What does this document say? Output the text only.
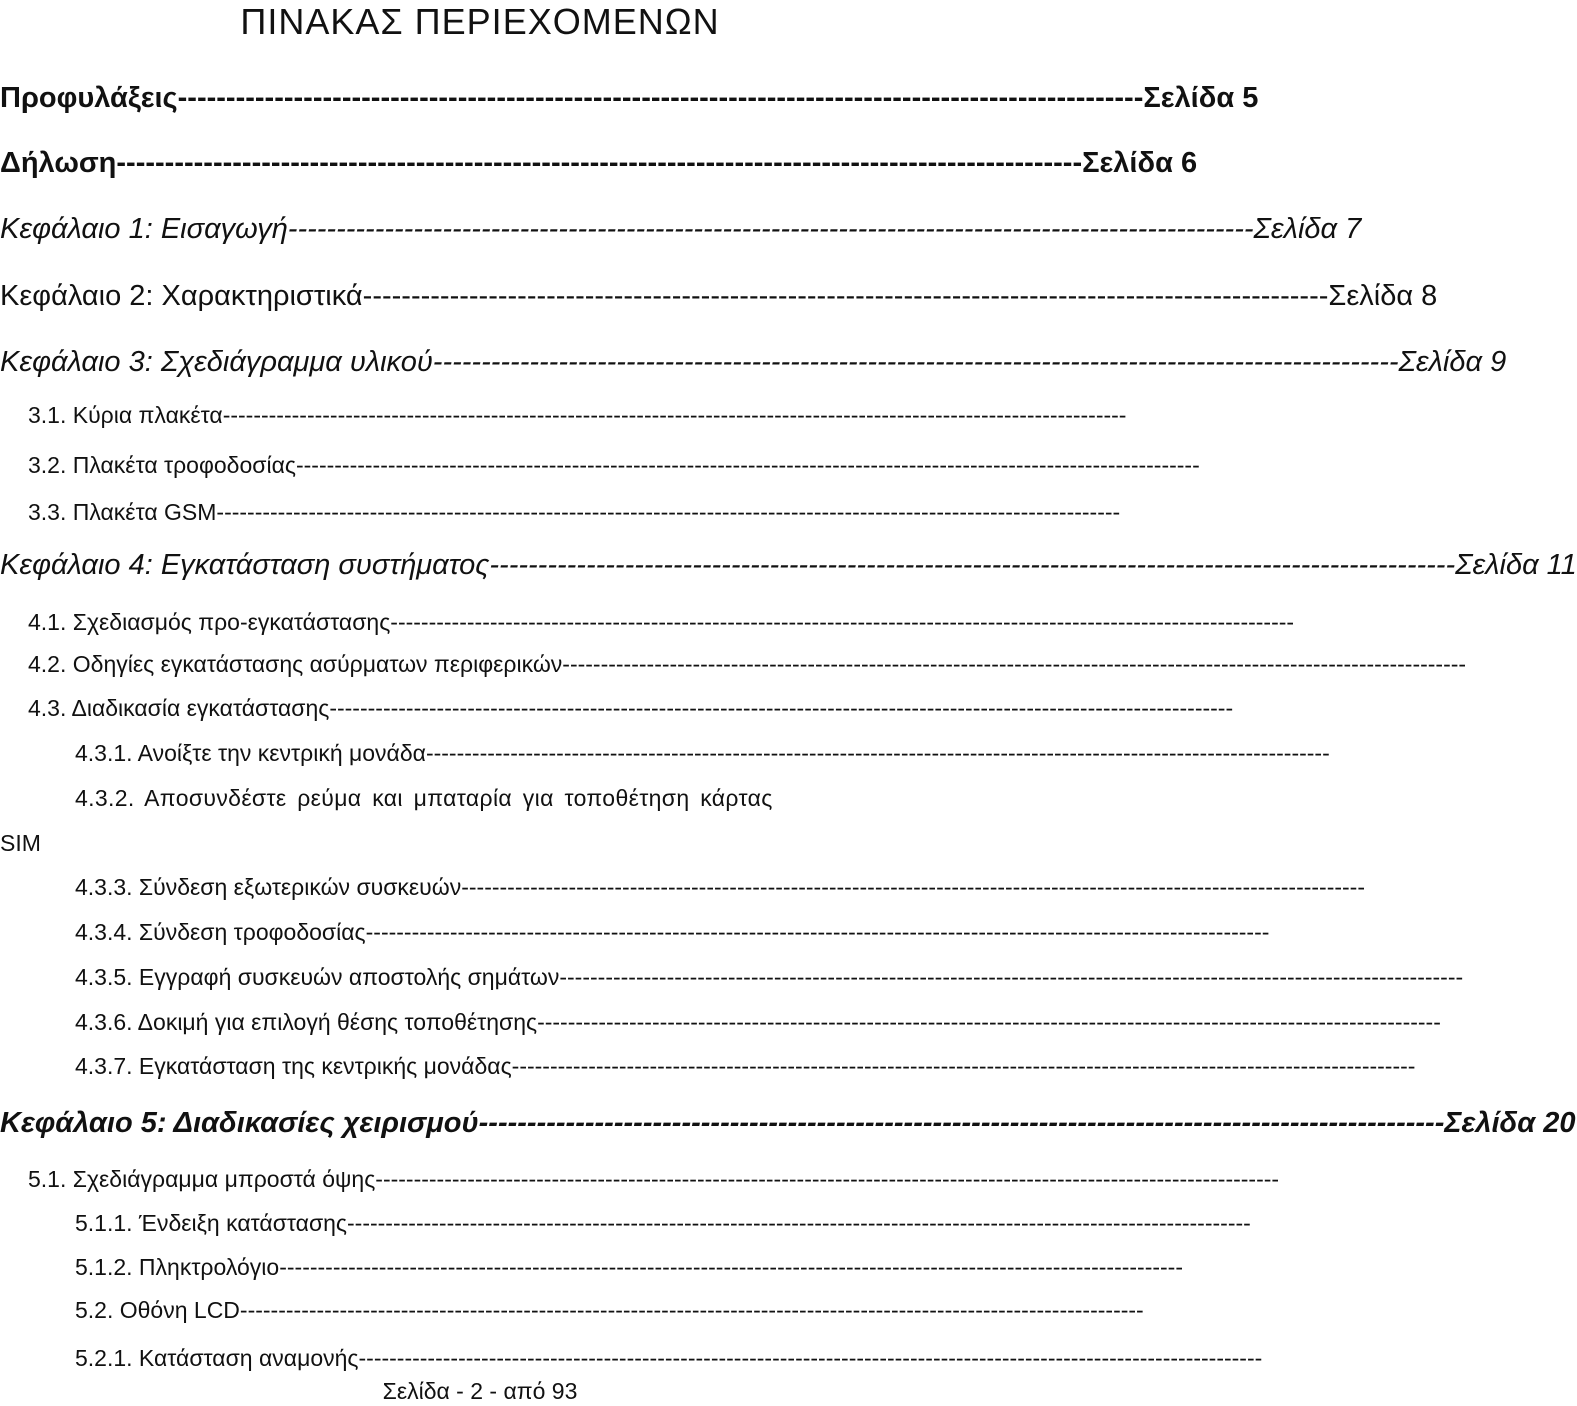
ΠΙΝΑΚΑΣ ΠΕΡΙΕΧΟΜΕΝΩΝ
Προφυλάξεις ---------------------------------------------------------------------------------------------------- Σελίδα 5
Δήλωση ---------------------------------------------------------------------------------------------------- Σελίδα 6
Κεφάλαιο 1: Εισαγωγή ---------------------------------------------------------------------------------------------------- Σελίδα 7
Κεφάλαιο 2: Χαρακτηριστικά ---------------------------------------------------------------------------------------------------- Σελίδα 8
Κεφάλαιο 3: Σχεδιάγραμμα υλικού ---------------------------------------------------------------------------------------------------- Σελίδα 9
3.1. Κύρια πλακέτα ----------------------------------------------------------------------------------------------------------------------
3.2. Πλακέτα τροφοδοσίας ----------------------------------------------------------------------------------------------------------------------
3.3. Πλακέτα GSM ----------------------------------------------------------------------------------------------------------------------
Κεφάλαιο 4: Εγκατάσταση συστήματος ---------------------------------------------------------------------------------------------------- Σελίδα 11
4.1. Σχεδιασμός προ-εγκατάστασης ----------------------------------------------------------------------------------------------------------------------
4.2. Οδηγίες εγκατάστασης ασύρματων περιφερικών ----------------------------------------------------------------------------------------------------------------------
4.3. Διαδικασία εγκατάστασης ----------------------------------------------------------------------------------------------------------------------
4.3.1. Ανοίξτε την κεντρική μονάδα ----------------------------------------------------------------------------------------------------------------------
4.3.2. Αποσυνδέστε ρεύμα και μπαταρία για τοποθέτηση κάρτας
SIM
4.3.3. Σύνδεση εξωτερικών συσκευών ----------------------------------------------------------------------------------------------------------------------
4.3.4. Σύνδεση τροφοδοσίας ----------------------------------------------------------------------------------------------------------------------
4.3.5. Εγγραφή συσκευών αποστολής σημάτων ----------------------------------------------------------------------------------------------------------------------
4.3.6. Δοκιμή για επιλογή θέσης τοποθέτησης ----------------------------------------------------------------------------------------------------------------------
4.3.7. Εγκατάσταση της κεντρικής μονάδας ----------------------------------------------------------------------------------------------------------------------
Κεφάλαιο 5: Διαδικασίες χειρισμού ---------------------------------------------------------------------------------------------------- Σελίδα 20
5.1. Σχεδιάγραμμα μπροστά όψης ----------------------------------------------------------------------------------------------------------------------
5.1.1. Ένδειξη κατάστασης ----------------------------------------------------------------------------------------------------------------------
5.1.2. Πληκτρολόγιο ----------------------------------------------------------------------------------------------------------------------
5.2. Οθόνη LCD ----------------------------------------------------------------------------------------------------------------------
5.2.1. Κατάσταση αναμονής ----------------------------------------------------------------------------------------------------------------------
Σελίδα - 2 - από 93
